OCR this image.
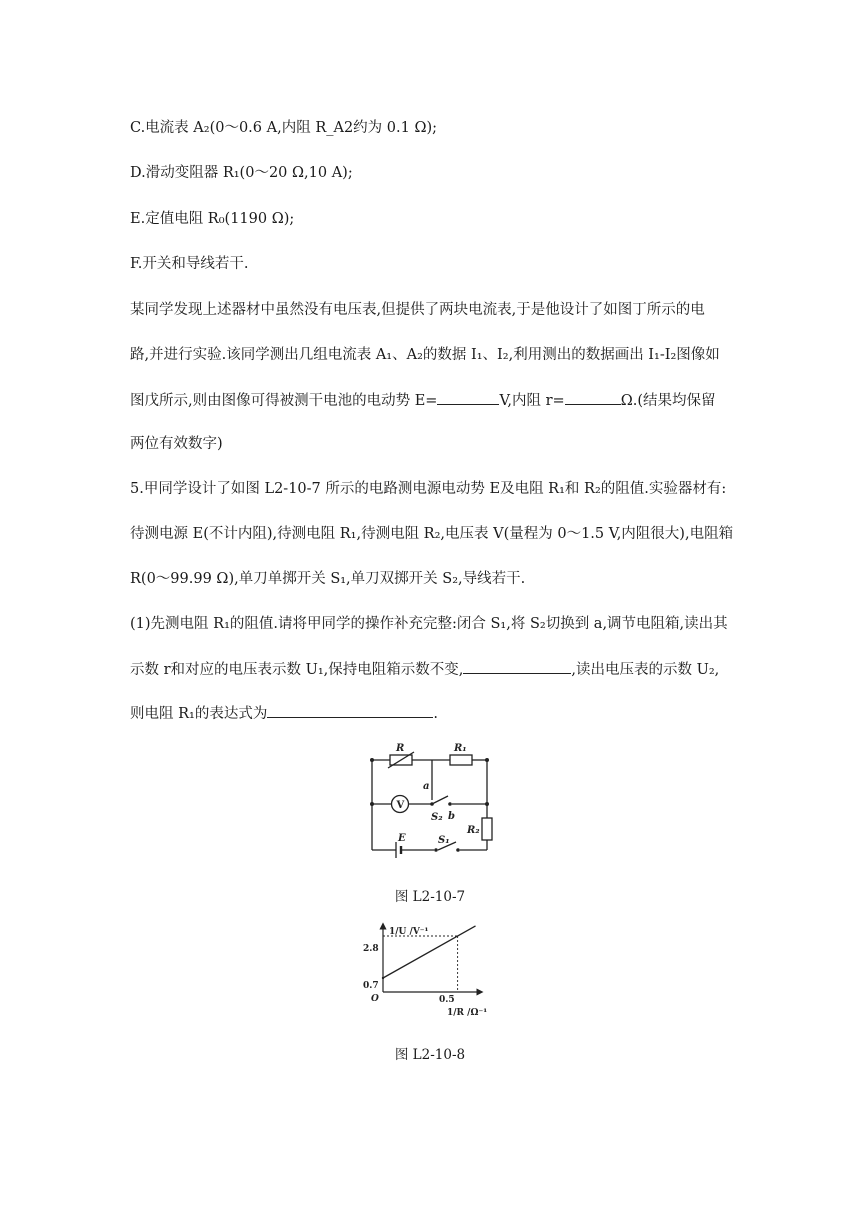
C.电流表 A₂(0～0.6 A,内阻 R_A2约为 0.1 Ω);
D.滑动变阻器 R₁(0～20 Ω,10 A);
E.定值电阻 R₀(1190 Ω);
F.开关和导线若干.
某同学发现上述器材中虽然没有电压表,但提供了两块电流表,于是他设计了如图丁所示的电
路,并进行实验.该同学测出几组电流表 A₁、A₂的数据 I₁、I₂,利用测出的数据画出 I₁-I₂图像如
图戊所示,则由图像可得被测干电池的电动势 E=	V,内阻 r=	Ω.(结果均保留
两位有效数字)
5.甲同学设计了如图 L2-10-7 所示的电路测电源电动势 E及电阻 R₁和 R₂的阻值.实验器材有:
待测电源 E(不计内阻),待测电阻 R₁,待测电阻 R₂,电压表 V(量程为 0～1.5 V,内阻很大),电阻箱
R(0～99.99 Ω),单刀单掷开关 S₁,单刀双掷开关 S₂,导线若干.
(1)先测电阻 R₁的阻值.请将甲同学的操作补充完整:闭合 S₁,将 S₂切换到 a,调节电阻箱,读出其
示数 r和对应的电压表示数 U₁,保持电阻箱示数不变,	,读出电压表的示数 U₂,
则电阻 R₁的表达式为	.
R	R₁
a
b
S₂
R₂
E	S₁
V
图 L2-10-7
1/U /V⁻¹
1/R /Ω⁻¹
O
2.8
0.7
0.5
图 L2-10-8
